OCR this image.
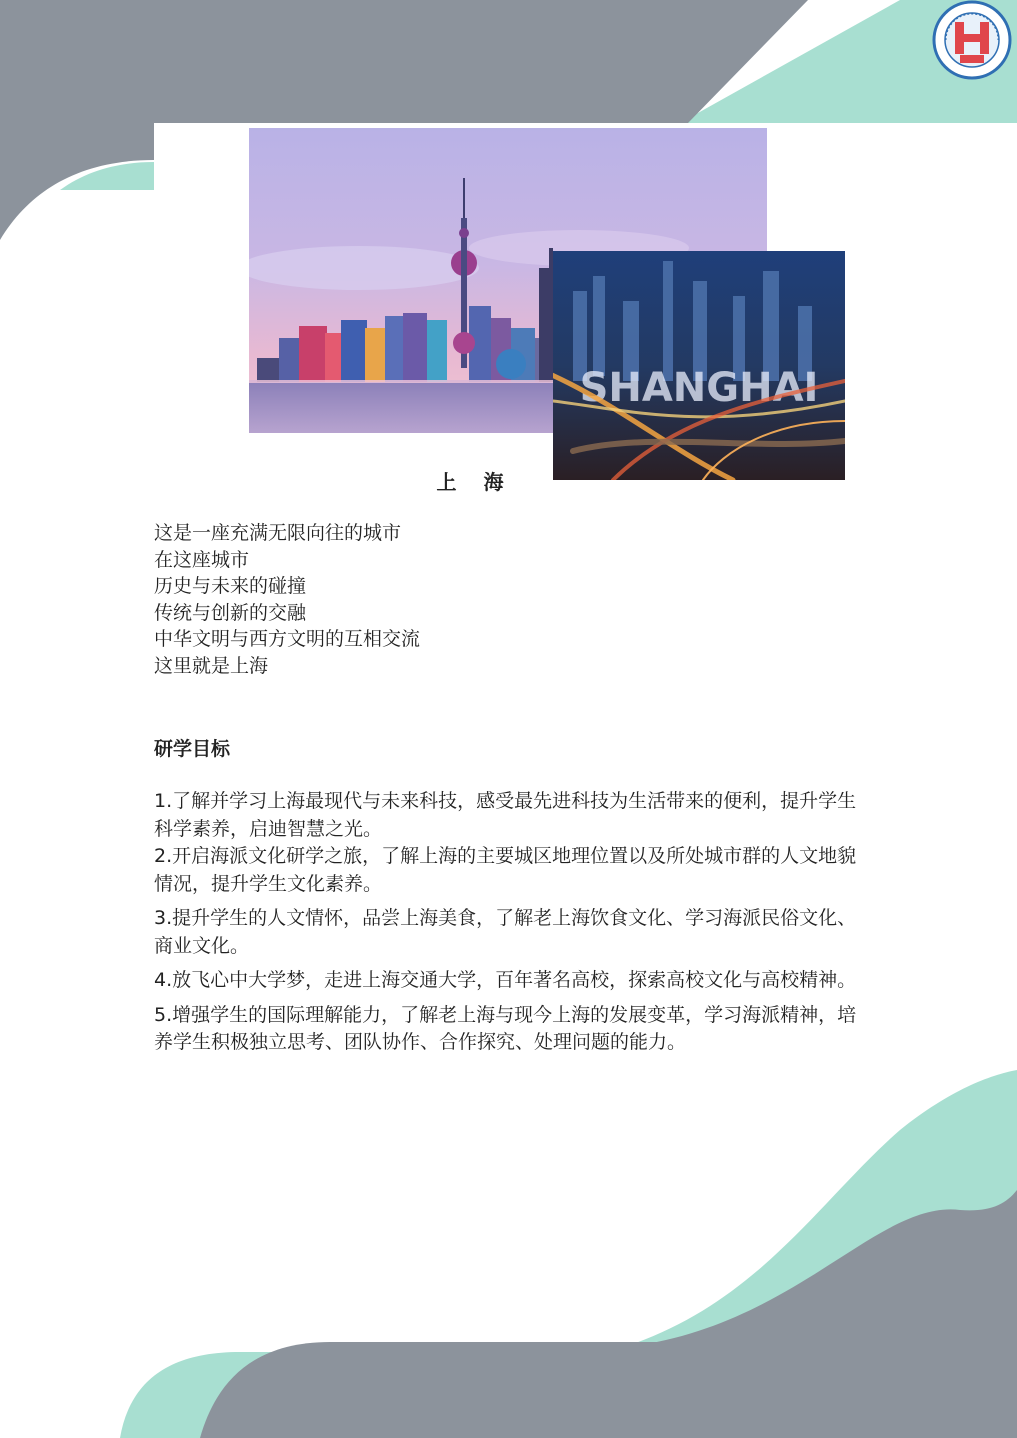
SHANGHAI
上 海
这是一座充满无限向往的城市
在这座城市
历史与未来的碰撞
传统与创新的交融
中华文明与西方文明的互相交流
这里就是上海
研学目标
1.了解并学习上海最现代与未来科技，感受最先进科技为生活带来的便利，提升学生科学素养，启迪智慧之光。
2.开启海派文化研学之旅，了解上海的主要城区地理位置以及所处城市群的人文地貌情况，提升学生文化素养。
3.提升学生的人文情怀，品尝上海美食，了解老上海饮食文化、学习海派民俗文化、商业文化。
4.放飞心中大学梦，走进上海交通大学，百年著名高校，探索高校文化与高校精神。
5.增强学生的国际理解能力，了解老上海与现今上海的发展变革，学习海派精神，培养学生积极独立思考、团队协作、合作探究、处理问题的能力。
